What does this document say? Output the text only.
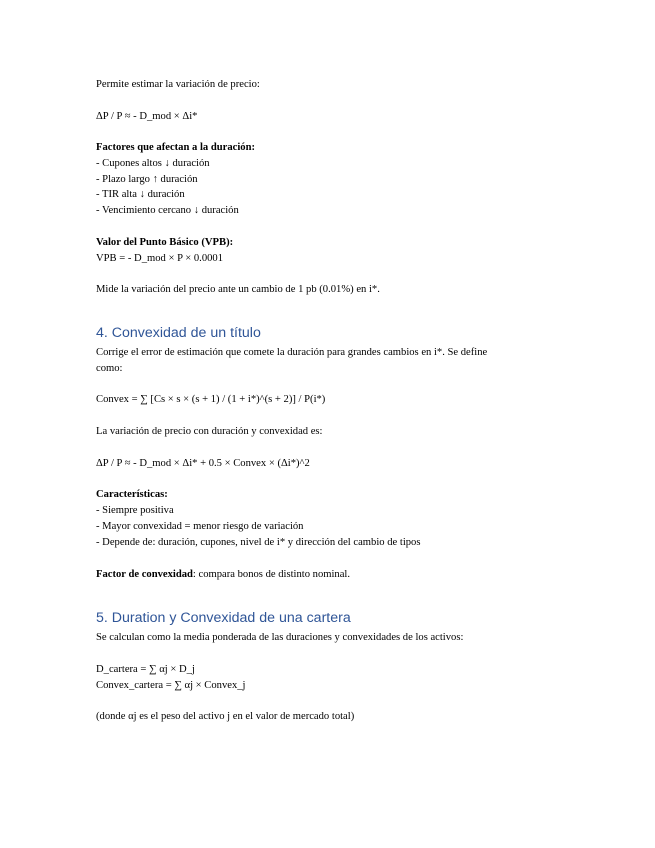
Permite estimar la variación de precio:
ΔP / P ≈ - D_mod × Δi*
Factores que afectan a la duración:
- Cupones altos ↓ duración
- Plazo largo ↑ duración
- TIR alta ↓ duración
- Vencimiento cercano ↓ duración
Valor del Punto Básico (VPB):
VPB = - D_mod × P × 0.0001
Mide la variación del precio ante un cambio de 1 pb (0.01%) en i*.
4. Convexidad de un título
Corrige el error de estimación que comete la duración para grandes cambios en i*. Se define
como:
Convex = ∑ [Cs × s × (s + 1) / (1 + i*)^(s + 2)] / P(i*)
La variación de precio con duración y convexidad es:
ΔP / P ≈ - D_mod × Δi* + 0.5 × Convex × (Δi*)^2
Características:
- Siempre positiva
- Mayor convexidad = menor riesgo de variación
- Depende de: duración, cupones, nivel de i* y dirección del cambio de tipos
Factor de convexidad: compara bonos de distinto nominal.
5. Duration y Convexidad de una cartera
Se calculan como la media ponderada de las duraciones y convexidades de los activos:
D_cartera = ∑ αj × D_j
Convex_cartera = ∑ αj × Convex_j
(donde αj es el peso del activo j en el valor de mercado total)
